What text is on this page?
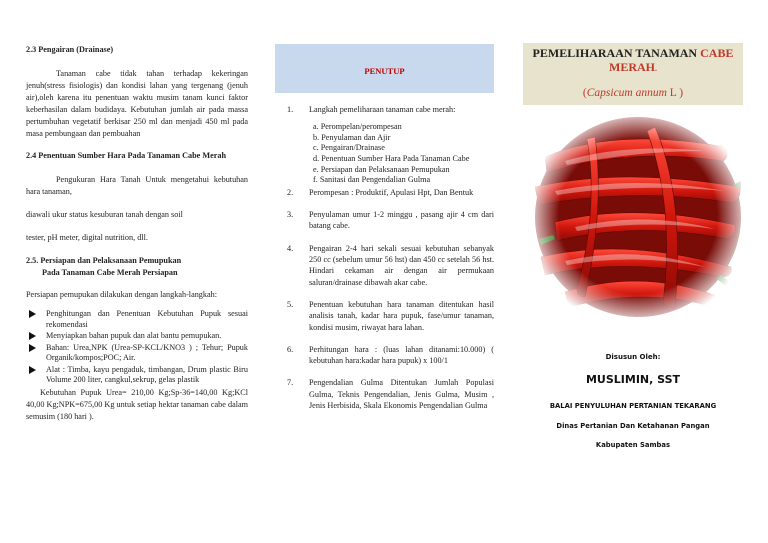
2.3 Pengairan (Drainase)

Tanaman cabe tidak tahan terhadap kekeringan jenuh(stress fisiologis) dan kondisi lahan yang tergenang (jenuh air),oleh karena itu penentuan waktu musim tanam kunci faktor keberhasilan dalam budidaya. Kebutuhan jumlah air pada massa pertumbuhan vegetatif berkisar 250 ml dan menjadi 450 ml pada masa pembungaan dan pembuahan

2.4 Penentuan Sumber Hara Pada Tanaman Cabe Merah

Pengukuran Hara Tanah Untuk mengetahui kebutuhan hara tanaman,

diawali ukur status kesuburan tanah dengan soil

tester, pH meter, digital nutrition, dll.

2.5. Persiapan dan Pelaksanaan Pemupukan

Pada Tanaman Cabe Merah Persiapan

Persiapan pemupukan dilakukan dengan langkah-langkah:

Penghitungan dan Penentuan Kebutuhan Pupuk sesuai rekomendasi
Menyiapkan bahan pupuk dan alat bantu pemupukan.
Bahan: Urea,NPK (Urea-SP-KCL/KNO3 ) ; Tehur; Pupuk Organik/kompos;POC; Air.
Alat : Timba, kayu pengaduk, timbangan, Drum plastic Biru Volume 200 liter, cangkul,sekrup, gelas plastik

Kebutuhan Pupuk Urea= 210,00 Kg;Sp-36=140,00 Kg;KCl 40,00 Kg;NPK=675,00 Kg untuk setiap hektar tanaman cabe dalam semusim (180 hari ).

PENUTUP
1. Langkah pemeliharaan tanaman cabe merah:
a. Perompelan/perompesan
b. Penyulaman dan Ajir
c. Pengairan/Drainase
d. Penentuan Sumber Hara Pada Tanaman Cabe
e. Persiapan dan Pelaksanaan Pemupukan
f. Sanitasi dan Pengendalian Gulma
2. Perompesan : Produktif, Apulasi Hpt, Dan Bentuk
3. Penyulaman umur 1-2 minggu , pasang ajir 4 cm dari batang cabe.
4. Pengairan 2-4 hari sekali sesuai kebutuhan sebanyak 250 cc (sebelum umur 56 hst) dan 450 cc setelah 56 hst. Hindari cekaman air dengan air permukaan saluran/drainase dibawah akar cabe.
5. Penentuan kebutuhan hara tanaman ditentukan hasil analisis tanah, kadar hara pupuk, fase/umur tanaman, kondisi musim, riwayat hara lahan.
6. Perhitungan hara : (luas lahan ditanami:10.000) ( kebutuhan hara:kadar hara pupuk) x 100/1
7. Pengendalian Gulma Ditentukan Jumlah Populasi Gulma, Teknis Pengendalian, Jenis Gulma, Musim , Jenis Herbisida, Skala Ekonomis Pengendalian Gulma
PEMELIHARAAN TANAMAN CABE
MERAH.
(Capsicum annum L )
Disusun Oleh:
MUSLIMIN, SST
BALAI PENYULUHAN PERTANIAN TEKARANG
Dinas Pertanian Dan Ketahanan Pangan
Kabupaten Sambas
